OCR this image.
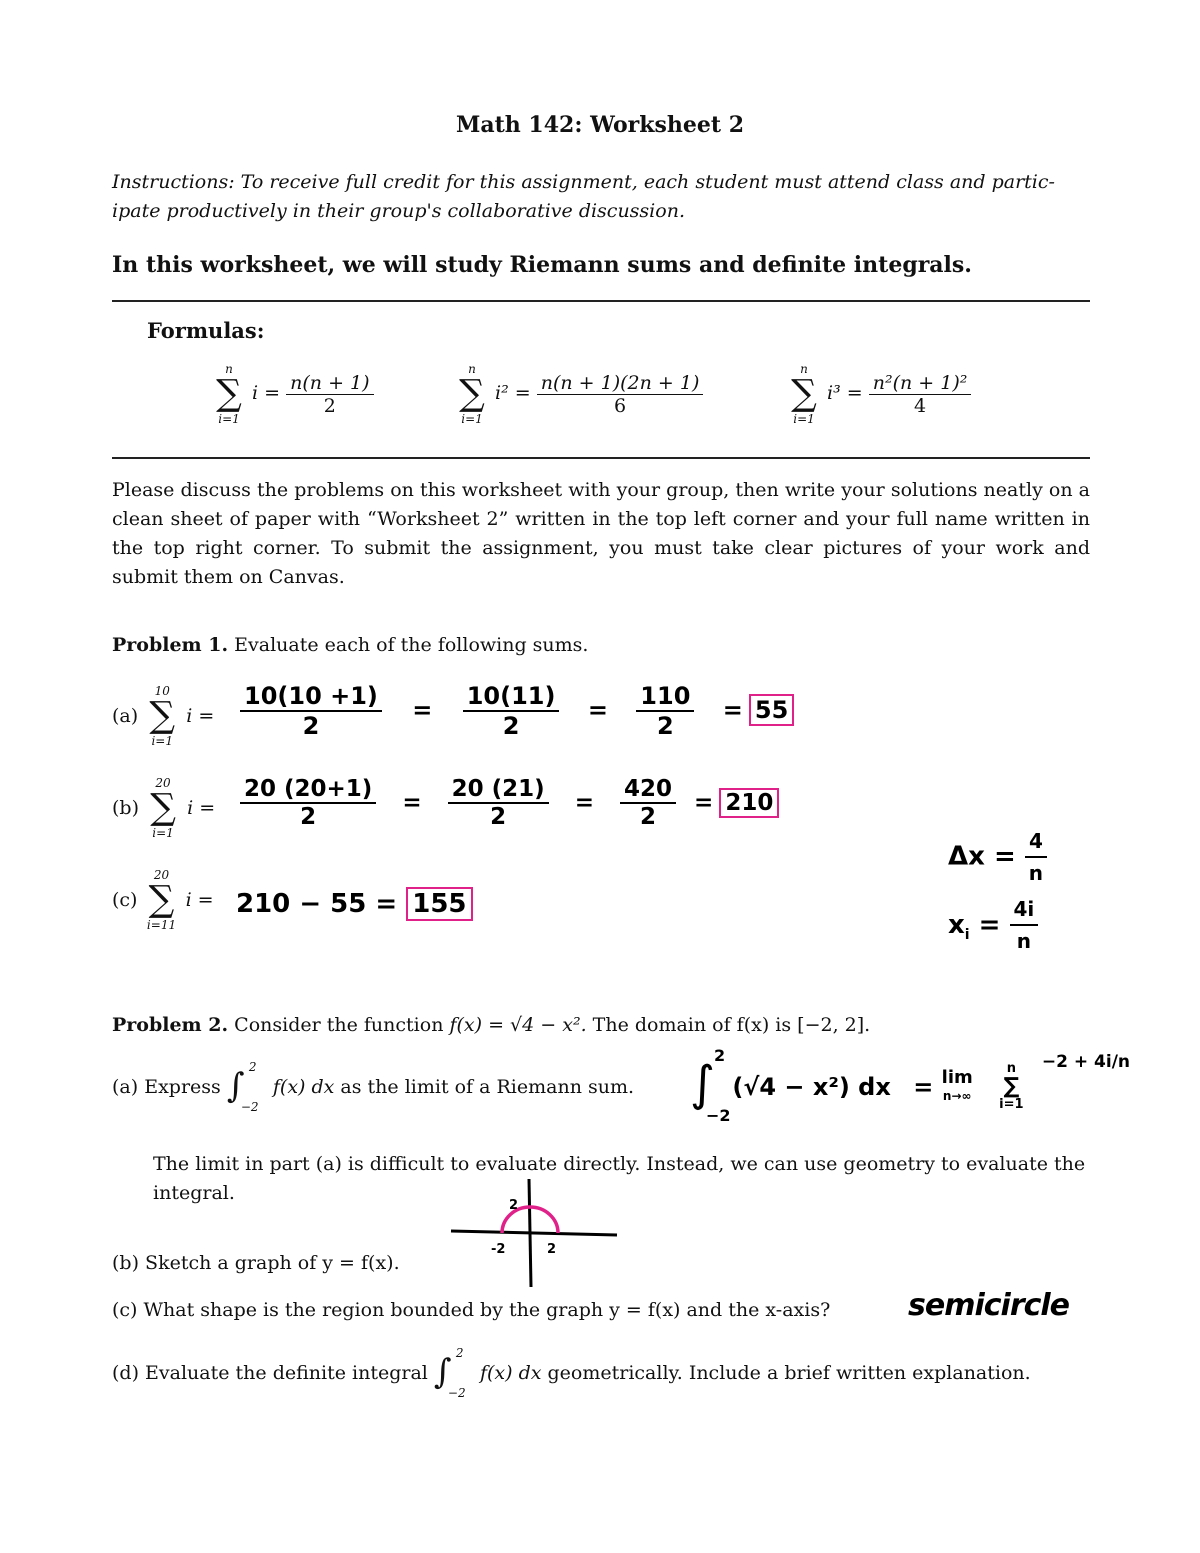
Math 142: Worksheet 2
Instructions: To receive full credit for this assignment, each student must attend class and partic-
ipate productively in their group's collaborative discussion.
In this worksheet, we will study Riemann sums and definite integrals.
Formulas:
n
∑
i=1
$i = \frac{n(n + 1)}{2}$
n
∑
i=1
$i^2 = \frac{n(n + 1)(2n + 1)}{6}$
n
∑
i=1
$i^3 = \frac{\text{n²(n + 1)²}}{4}$
Please discuss the problems on this worksheet with your group, then write your solutions neatly on a clean sheet of paper with “Worksheet 2” written in the top left corner and your full name written in the top right corner. To submit the assignment, you must take clear pictures of your work and submit them on Canvas.
Problem 1. Evaluate each of the following sums.
(a)
10
∑
i=1
$i = \frac{10(10 +1)}{2} = \frac{10(11)}{2} = \frac{110}{2} = 55$
(b)
20
∑
i=1
$i = \frac{20 (20+1)}{2} = \frac{20 (21)}{2} = \frac{420}{2} = 210$
(c)
20
∑
i=11
i = 210 − 55 = 155
$\Delta x = \frac{4}{n}$
$x_i = \frac{4i}{n}$
Problem 2. Consider the function f(x) = √4 − x². The domain of f(x) is [−2, 2].
(a) Express ∫ 2
−2
f(x) dx as the limit of a Riemann sum. ∫
2
−2
(√4 − x²) dx = lim
n→∞

n
∑
i=1
$^{-2 + 4i/n}$
The limit in part (a) is difficult to evaluate directly. Instead, we can use geometry to evaluate the integral.
2
-2	2
(b) Sketch a graph of y = f(x).
(c) What shape is the region bounded by the graph y = f(x) and the x-axis?	semicircle
(d) Evaluate the definite integral ∫ 2
−2
f(x) dx geometrically. Include a brief written explanation.
